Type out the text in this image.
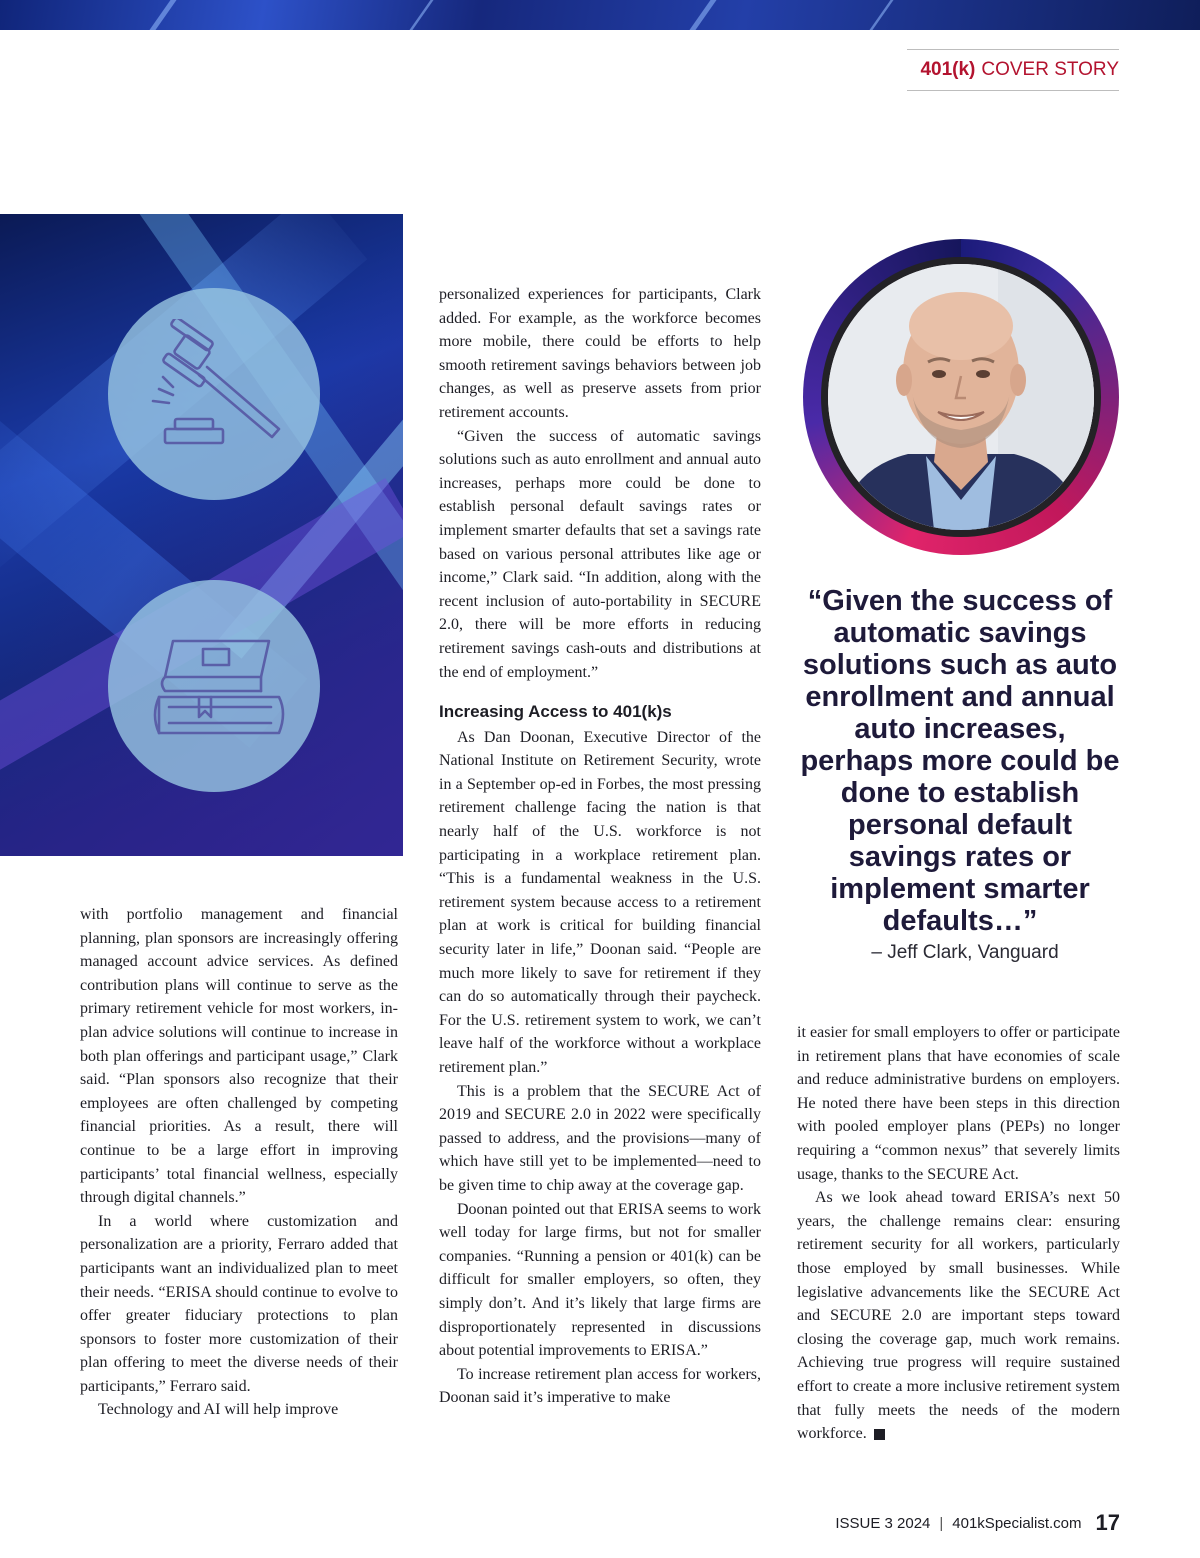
401(k) COVER STORY

with portfolio management and financial planning, plan sponsors are increasingly offering managed account advice services. As defined contribution plans will continue to serve as the primary retirement vehicle for most workers, in-plan advice solutions will continue to increase in both plan offerings and participant usage,” Clark said. “Plan sponsors also recognize that their employees are often challenged by competing financial priorities. As a result, there will continue to be a large effort in improving participants’ total financial wellness, especially through digital channels.”

In a world where customization and personalization are a priority, Ferraro added that participants want an individualized plan to meet their needs. “ERISA should continue to evolve to offer greater fiduciary protections to plan sponsors to foster more customization of their plan offering to meet the diverse needs of their participants,” Ferraro said.

Technology and AI will help improve

personalized experiences for participants, Clark added. For example, as the workforce becomes more mobile, there could be efforts to help smooth retirement savings behaviors between job changes, as well as preserve assets from prior retirement accounts.

“Given the success of automatic savings solutions such as auto enrollment and annual auto increases, perhaps more could be done to establish personal default savings rates or implement smarter defaults that set a savings rate based on various personal attributes like age or income,” Clark said. “In addition, along with the recent inclusion of auto-portability in SECURE 2.0, there will be more efforts in reducing retirement savings cash-outs and distributions at the end of employment.”

Increasing Access to 401(k)s

As Dan Doonan, Executive Director of the National Institute on Retirement Security, wrote in a September op-ed in Forbes, the most pressing retirement challenge facing the nation is that nearly half of the U.S. workforce is not participating in a workplace retirement plan. “This is a fundamental weakness in the U.S. retirement system because access to a retirement plan at work is critical for building financial security later in life,” Doonan said. “People are much more likely to save for retirement if they can do so automatically through their paycheck. For the U.S. retirement system to work, we can’t leave half of the workforce without a workplace retirement plan.”

This is a problem that the SECURE Act of 2019 and SECURE 2.0 in 2022 were specifically passed to address, and the provisions—many of which have still yet to be implemented—need to be given time to chip away at the coverage gap.

Doonan pointed out that ERISA seems to work well today for large firms, but not for smaller companies. “Running a pension or 401(k) can be difficult for smaller employers, so often, they simply don’t. And it’s likely that large firms are disproportionately represented in discussions about potential improvements to ERISA.”

To increase retirement plan access for workers, Doonan said it’s imperative to make

“Given the success of automatic savings solutions such as auto enrollment and annual auto increases, perhaps more could be done to establish personal default savings rates or implement smarter defaults…”
– Jeff Clark, Vanguard

it easier for small employers to offer or participate in retirement plans that have economies of scale and reduce administrative burdens on employers. He noted there have been steps in this direction with pooled employer plans (PEPs) no longer requiring a “common nexus” that severely limits usage, thanks to the SECURE Act.

As we look ahead toward ERISA’s next 50 years, the challenge remains clear: ensuring retirement security for all workers, particularly those employed by small businesses. While legislative advancements like the SECURE Act and SECURE 2.0 are important steps toward closing the coverage gap, much work remains. Achieving true progress will require sustained effort to create a more inclusive retirement system that fully meets the needs of the modern workforce.	K

ISSUE 3 2024 | 401kSpecialist.com 17
